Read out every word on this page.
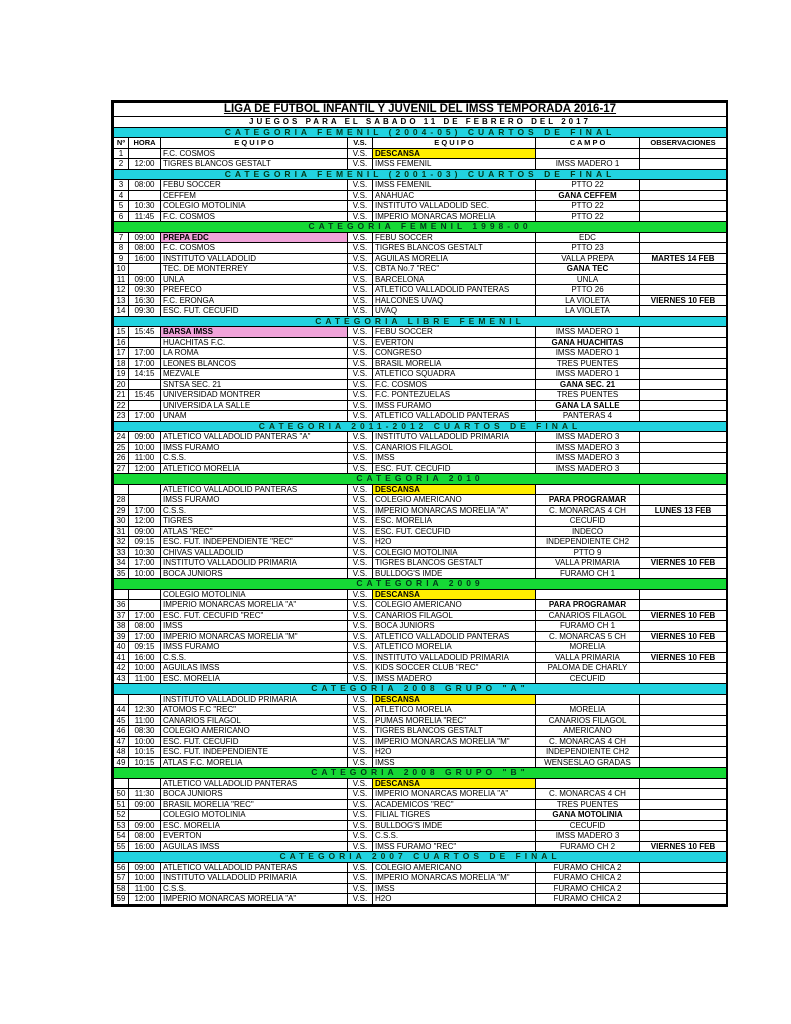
LIGA DE FUTBOL INFANTIL Y JUVENIL DEL IMSS TEMPORADA 2016-17						
JUEGOS PARA EL SABADO 11 DE FEBRERO DEL 2017						
CATEGORIA FEMENIL (2004-05) CUARTOS DE FINAL						
Nº	HORA	E Q U I P O	V.S.	E Q U I P O	C A M P O	OBSERVACIONES
1		F.C. COSMOS	V.S.	DESCANSA		
2	12:00	TIGRES BLANCOS GESTALT	V.S.	IMSS FEMENIL	IMSS MADERO 1	
CATEGORIA FEMENIL (2001-03) CUARTOS DE FINAL						
3	08:00	FEBU SOCCER	V.S.	IMSS FEMENIL	PTTO 22	
4		CEFFEM	V.S.	ANAHUAC	GANA CEFFEM	
5	10:30	COLEGIO MOTOLINIA	V.S.	INSTITUTO VALLADOLID SEC.	PTTO 22	
6	11:45	F.C. COSMOS	V.S.	IMPERIO MONARCAS MORELIA	PTTO 22	
CATEGORIA FEMENIL 1998-00						
7	09:00	PREPA EDC	V.S.	FEBU SOCCER	EDC	
8	08:00	F.C. COSMOS	V.S.	TIGRES BLANCOS GESTALT	PTTO 23	
9	16:00	INSTITUTO VALLADOLID	V.S.	AGUILAS MORELIA	VALLA PREPA	MARTES 14 FEB
10		TEC. DE MONTERREY	V.S.	CBTA No.7 "REC"	GANA TEC	
11	09:00	UNLA	V.S.	BARCELONA	UNLA	
12	09:30	PREFECO	V.S.	ATLETICO VALLADOLID PANTERAS	PTTO 26	
13	16:30	F.C. ERONGA	V.S.	HALCONES UVAQ	LA VIOLETA	VIERNES 10 FEB
14	09:30	ESC. FUT. CECUFID	V.S.	UVAQ	LA VIOLETA	
CATEGORIA LIBRE FEMENIL						
15	15:45	BARSA IMSS	V.S.	FEBU SOCCER	IMSS MADERO 1	
16		HUACHITAS F.C.	V.S.	EVERTON	GANA HUACHITAS	
17	17:00	LA ROMA	V.S.	CONGRESO	IMSS MADERO 1	
18	17:00	LEONES BLANCOS	V.S.	BRASIL MORELIA	TRES PUENTES	
19	14:15	MEZVALE	V.S.	ATLETICO SQUADRA	IMSS MADERO 1	
20		SNTSA SEC. 21	V.S.	F.C. COSMOS	GANA SEC. 21	
21	15:45	UNIVERSIDAD MONTRER	V.S.	F.C. PONTEZUELAS	TRES PUENTES	
22		UNIVERSIDA LA SALLE	V.S.	IMSS FURAMO	GANA LA SALLE	
23	17:00	UNAM	V.S.	ATLETICO VALLADOLID PANTERAS	PANTERAS 4	
CATEGORIA 2011-2012 CUARTOS DE FINAL						
24	09:00	ATLETICO VALLADOLID PANTERAS "A"	V.S.	INSTITUTO VALLADOLID PRIMARIA	IMSS MADERO 3	
25	10:00	IMSS FURAMO	V.S.	CANARIOS FILAGOL	IMSS MADERO 3	
26	11:00	C.S.S.	V.S.	IMSS	IMSS MADERO 3	
27	12:00	ATLETICO MORELIA	V.S.	ESC. FUT. CECUFID	IMSS MADERO 3	
CATEGORIA 2010						
		ATLETICO VALLADOLID PANTERAS	V.S.	DESCANSA		
28		IMSS FURAMO	V.S.	COLEGIO AMERICANO	PARA PROGRAMAR	
29	17:00	C.S.S.	V.S.	IMPERIO MONARCAS MORELIA "A"	C. MONARCAS 4 CH	LUNES 13 FEB
30	12:00	TIGRES	V.S.	ESC. MORELIA	CECUFID	
31	09:00	ATLAS "REC"	V.S.	ESC. FUT. CECUFID	INDECO	
32	09:15	ESC. FUT. INDEPENDIENTE "REC"	V.S.	H2O	INDEPENDIENTE CH2	
33	10:30	CHIVAS VALLADOLID	V.S.	COLEGIO MOTOLINIA	PTTO 9	
34	17:00	INSTITUTO VALLADOLID PRIMARIA	V.S.	TIGRES BLANCOS GESTALT	VALLA PRIMARIA	VIERNES 10 FEB
35	10:00	BOCA JUNIORS	V.S.	BULLDOG'S IMDE	FURAMO CH 1	
CATEGORIA 2009						
		COLEGIO MOTOLINIA	V.S.	DESCANSA		
36		IMPERIO MONARCAS MORELIA "A"	V.S.	COLEGIO AMERICANO	PARA PROGRAMAR	
37	17:00	ESC. FUT. CECUFID "REC"	V.S.	CANARIOS FILAGOL	CANARIOS FILAGOL	VIERNES 10 FEB
38	08:00	IMSS	V.S.	BOCA JUNIORS	FURAMO CH 1	
39	17:00	IMPERIO MONARCAS MORELIA "M"	V.S.	ATLETICO VALLADOLID PANTERAS	C. MONARCAS 5 CH	VIERNES 10 FEB
40	09:15	IMSS FURAMO	V.S.	ATLETICO MORELIA	MORELIA	
41	16:00	C.S.S.	V.S.	INSTITUTO VALLADOLID PRIMARIA	VALLA PRIMARIA	VIERNES 10 FEB
42	10:00	AGUILAS IMSS	V.S.	KIDS SOCCER CLUB "REC"	PALOMA DE CHARLY	
43	11:00	ESC. MORELIA	V.S.	IMSS MADERO	CECUFID	
CATEGORIA 2008 GRUPO "A"						
		INSTITUTO VALLADOLID PRIMARIA	V.S.	DESCANSA		
44	12:30	ATOMOS F.C "REC"	V.S.	ATLETICO MORELIA	MORELIA	
45	11:00	CANARIOS FILAGOL	V.S.	PUMAS MORELIA "REC"	CANARIOS FILAGOL	
46	08:30	COLEGIO AMERICANO	V.S.	TIGRES BLANCOS GESTALT	AMERICANO	
47	10:00	ESC. FUT. CECUFID	V.S.	IMPERIO MONARCAS MORELIA "M"	C. MONARCAS 4 CH	
48	10:15	ESC. FUT. INDEPENDIENTE	V.S.	H2O	INDEPENDIENTE CH2	
49	10:15	ATLAS F.C. MORELIA	V.S.	IMSS	WENSESLAO GRADAS	
CATEGORIA 2008 GRUPO "B"						
		ATLETICO VALLADOLID PANTERAS	V.S.	DESCANSA		
50	11:30	BOCA JUNIORS	V.S.	IMPERIO MONARCAS MORELIA "A"	C. MONARCAS 4 CH	
51	09:00	BRASIL MORELIA "REC"	V.S.	ACADEMICOS "REC"	TRES PUENTES	
52		COLEGIO MOTOLINIA	V.S.	FILIAL TIGRES	GANA MOTOLINIA	
53	09:00	ESC. MORELIA	V.S.	BULLDOG'S IMDE	CECUFID	
54	08:00	EVERTON	V.S.	C.S.S.	IMSS MADERO 3	
55	16:00	AGUILAS IMSS	V.S.	IMSS FURAMO "REC"	FURAMO CH 2	VIERNES 10 FEB
CATEGORIA 2007 CUARTOS DE FINAL						
56	09:00	ATLETICO VALLADOLID PANTERAS	V.S.	COLEGIO AMERICANO	FURAMO CHICA 2	
57	10:00	INSTITUTO VALLADOLID PRIMARIA	V.S.	IMPERIO MONARCAS MORELIA "M"	FURAMO CHICA 2	
58	11:00	C.S.S.	V.S.	IMSS	FURAMO CHICA 2	
59	12:00	IMPERIO MONARCAS MORELIA "A"	V.S.	H2O	FURAMO CHICA 2	
